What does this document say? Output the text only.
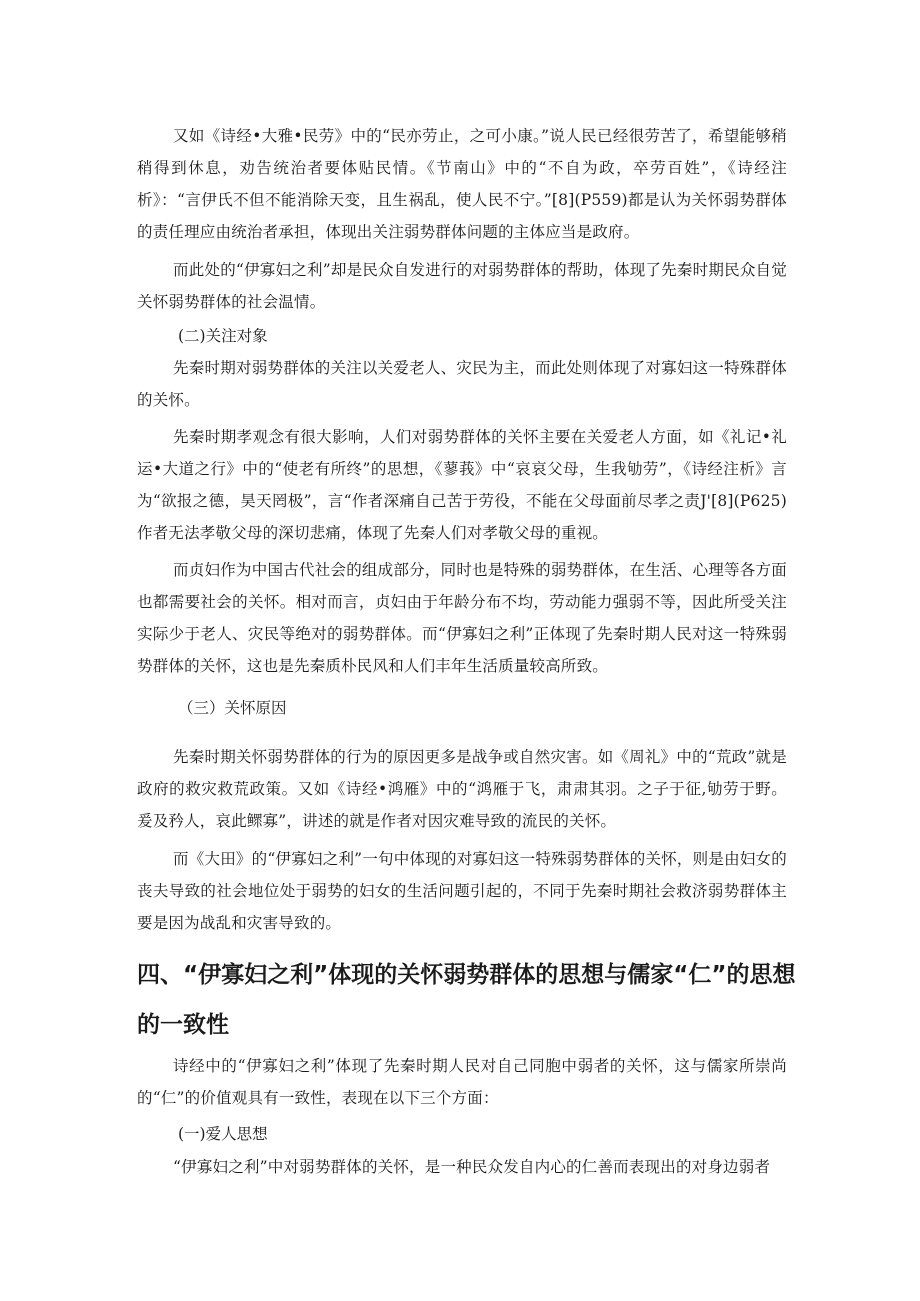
又如《诗经•大雅•民劳》中的“民亦劳止，之可小康。”说人民已经很劳苦了，希望能够稍稍得到休息，劝告统治者要体贴民情。《节南山》中的“不自为政，卒劳百姓”，《诗经注析》：“言伊氏不但不能消除天变，且生祸乱，使人民不宁。”[8](P559)都是认为关怀弱势群体的责任理应由统治者承担，体现出关注弱势群体问题的主体应当是政府。

而此处的“伊寡妇之利”却是民众自发进行的对弱势群体的帮助，体现了先秦时期民众自觉关怀弱势群体的社会温情。

(二)关注对象

先秦时期对弱势群体的关注以关爱老人、灾民为主，而此处则体现了对寡妇这一特殊群体的关怀。

先秦时期孝观念有很大影响，人们对弱势群体的关怀主要在关爱老人方面，如《礼记•礼运•大道之行》中的“使老有所终”的思想，《蓼莪》中“哀哀父母，生我劬劳”，《诗经注析》言为“欲报之德，昊天罔极”，言“作者深痛自己苦于劳役，不能在父母面前尽孝之责J'[8](P625)作者无法孝敬父母的深切悲痛，体现了先秦人们对孝敬父母的重视。

而贞妇作为中国古代社会的组成部分，同时也是特殊的弱势群体，在生活、心理等各方面也都需要社会的关怀。相对而言，贞妇由于年龄分布不均，劳动能力强弱不等，因此所受关注实际少于老人、灾民等绝对的弱势群体。而“伊寡妇之利”正体现了先秦时期人民对这一特殊弱势群体的关怀，这也是先秦质朴民风和人们丰年生活质量较高所致。

（三）关怀原因

先秦时期关怀弱势群体的行为的原因更多是战争或自然灾害。如《周礼》中的“荒政”就是政府的救灾救荒政策。又如《诗经•鸿雁》中的“鸿雁于飞，肃肃其羽。之子于征,劬劳于野。爰及矜人，哀此鳏寡”，讲述的就是作者对因灾难导致的流民的关怀。

而《大田》的“伊寡妇之利”一句中体现的对寡妇这一特殊弱势群体的关怀，则是由妇女的丧夫导致的社会地位处于弱势的妇女的生活问题引起的，不同于先秦时期社会救济弱势群体主要是因为战乱和灾害导致的。

四、“伊寡妇之利”体现的关怀弱势群体的思想与儒家“仁”的思想的一致性

诗经中的“伊寡妇之利”体现了先秦时期人民对自己同胞中弱者的关怀，这与儒家所崇尚的“仁”的价值观具有一致性，表现在以下三个方面：

(一)爱人思想

“伊寡妇之利”中对弱势群体的关怀，是一种民众发自内心的仁善而表现出的对身边弱者
